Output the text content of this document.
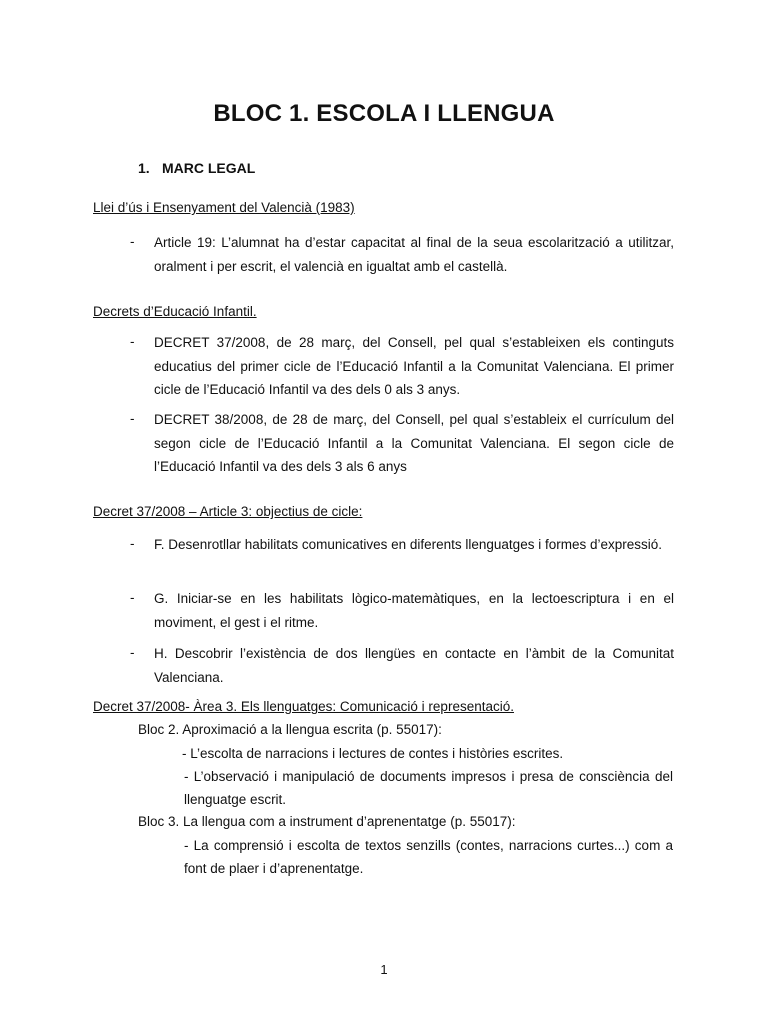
BLOC 1. ESCOLA I LLENGUA
1. MARC LEGAL
Llei d’ús i Ensenyament del Valencià (1983)
- Article 19: L’alumnat ha d’estar capacitat al final de la seua escolarització a utilitzar, oralment i per escrit, el valencià en igualtat amb el castellà.
Decrets d’Educació Infantil.
- DECRET 37/2008, de 28 març, del Consell, pel qual s’estableixen els continguts educatius del primer cicle de l’Educació Infantil a la Comunitat Valenciana. El primer cicle de l’Educació Infantil va des dels 0 als 3 anys.
- DECRET 38/2008, de 28 de març, del Consell, pel qual s’estableix el currículum del segon cicle de l’Educació Infantil a la Comunitat Valenciana. El segon cicle de l’Educació Infantil va des dels 3 als 6 anys
Decret 37/2008 – Article 3: objectius de cicle:
- F. Desenrotllar habilitats comunicatives en diferents llenguatges i formes d’expressió.
- G. Iniciar-se en les habilitats lògico-matemàtiques, en la lectoescriptura i en el moviment, el gest i el ritme.
- H. Descobrir l’existència de dos llengües en contacte en l’àmbit de la Comunitat Valenciana.
Decret 37/2008- Àrea 3. Els llenguatges: Comunicació i representació.
Bloc 2. Aproximació a la llengua escrita (p. 55017):
- L’escolta de narracions i lectures de contes i històries escrites.
- L’observació i manipulació de documents impresos i presa de consciència del llenguatge escrit.
Bloc 3. La llengua com a instrument d’aprenentatge (p. 55017):
- La comprensió i escolta de textos senzills (contes, narracions curtes...) com a font de plaer i d’aprenentatge.
1
